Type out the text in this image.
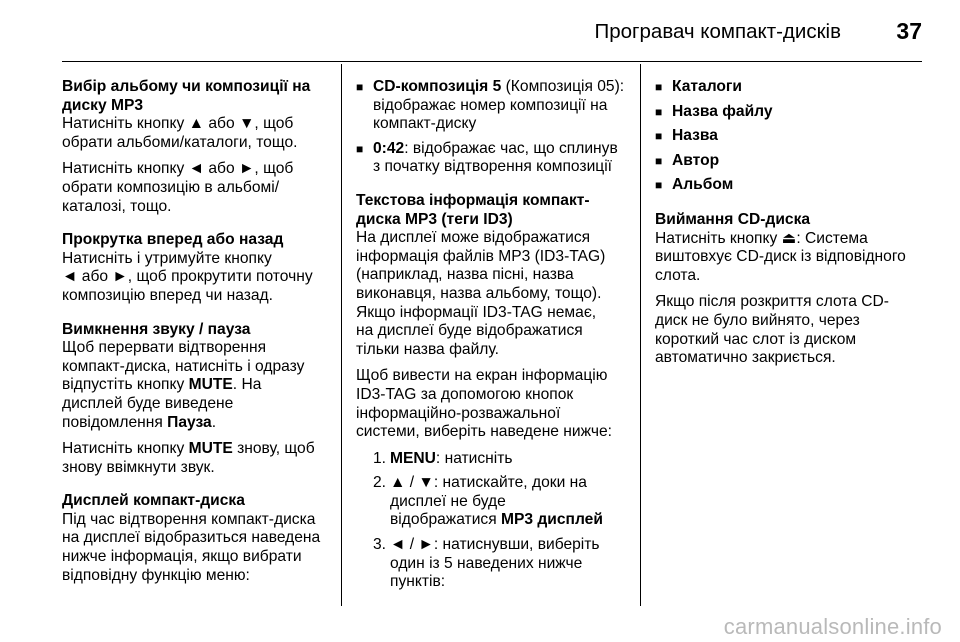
Програвач компакт-дисків 37
Вибір альбому чи композиції на
диску MP3
Натисніть кнопку ▲ або ▼, щоб
обрати альбоми/каталоги, тощо.
Натисніть кнопку ◄ або ►, щоб
обрати композицію в альбомі/
каталозі, тощо.
Прокрутка вперед або назад
Натисніть і утримуйте кнопку
◄ або ►, щоб прокрутити поточну
композицію вперед чи назад.
Вимкнення звуку / пауза
Щоб перервати відтворення
компакт-диска, натисніть і одразу
відпустіть кнопку MUTE. На
дисплей буде виведене
повідомлення Пауза.
Натисніть кнопку MUTE знову, щоб
знову ввімкнути звук.
Дисплей компакт-диска
Під час відтворення компакт-диска
на дисплеї відобразиться наведена
нижче інформація, якщо вибрати
відповідну функцію меню:
■ CD-композиція 5 (Композиція 05):
відображає номер композиції на
компакт-диску
■ 0:42: відображає час, що сплинув
з початку відтворення композиції
Текстова інформація компакт-
диска MP3 (теги ID3)
На дисплеї може відображатися
інформація файлів MP3 (ID3-TAG)
(наприклад, назва пісні, назва
виконавця, назва альбому, тощо).
Якщо інформації ID3-TAG немає,
на дисплеї буде відображатися
тільки назва файлу.
Щоб вивести на екран інформацію
ID3-TAG за допомогою кнопок
інформаційно-розважальної
системи, виберіть наведене нижче:
1. MENU: натисніть
2. ▲ / ▼: натискайте, доки на
дисплеї не буде
відображатися MP3 дисплей
3. ◄ / ►: натиснувши, виберіть
один із 5 наведених нижче
пунктів:
■ Каталоги
■ Назва файлу
■ Назва
■ Автор
■ Альбом
Виймання CD-диска
Натисніть кнопку ⏏: Система
виштовхує CD-диск із відповідного
слота.
Якщо після розкриття слота CD-
диск не було вийнято, через
короткий час слот із диском
автоматично закриється.
carmanualsonline.info
